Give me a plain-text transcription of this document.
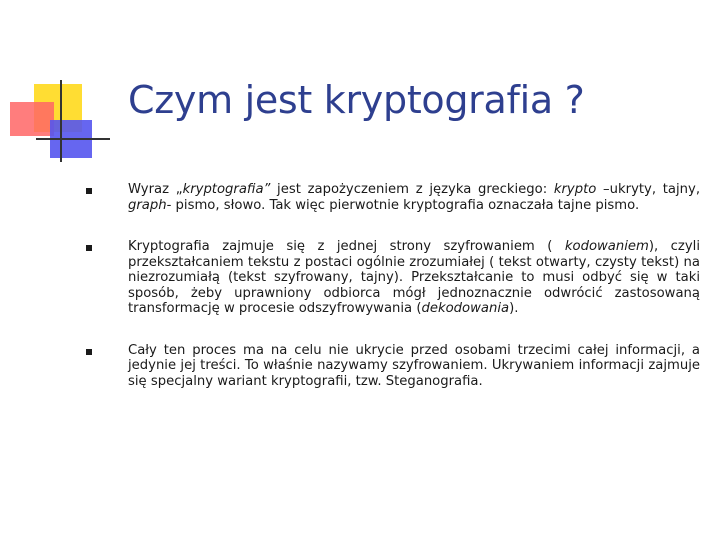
Czym jest kryptografia ?
Wyraz „kryptografia” jest zapożyczeniem z języka greckiego: krypto –ukryty, tajny, graph- pismo, słowo. Tak więc pierwotnie kryptografia oznaczała tajne pismo.
Kryptografia zajmuje się z jednej strony szyfrowaniem ( kodowaniem), czyli przekształcaniem tekstu z postaci ogólnie zrozumiałej ( tekst otwarty, czysty tekst) na niezrozumiałą (tekst szyfrowany, tajny). Przekształcanie to musi odbyć się w taki sposób, żeby uprawniony odbiorca mógł jednoznacznie odwrócić zastosowaną transformację w procesie odszyfrowywania (dekodowania).
Cały ten proces ma na celu nie ukrycie przed osobami trzecimi całej informacji, a jedynie jej treści. To właśnie nazywamy szyfrowaniem. Ukrywaniem informacji zajmuje się specjalny wariant kryptografii, tzw. Steganografia.
